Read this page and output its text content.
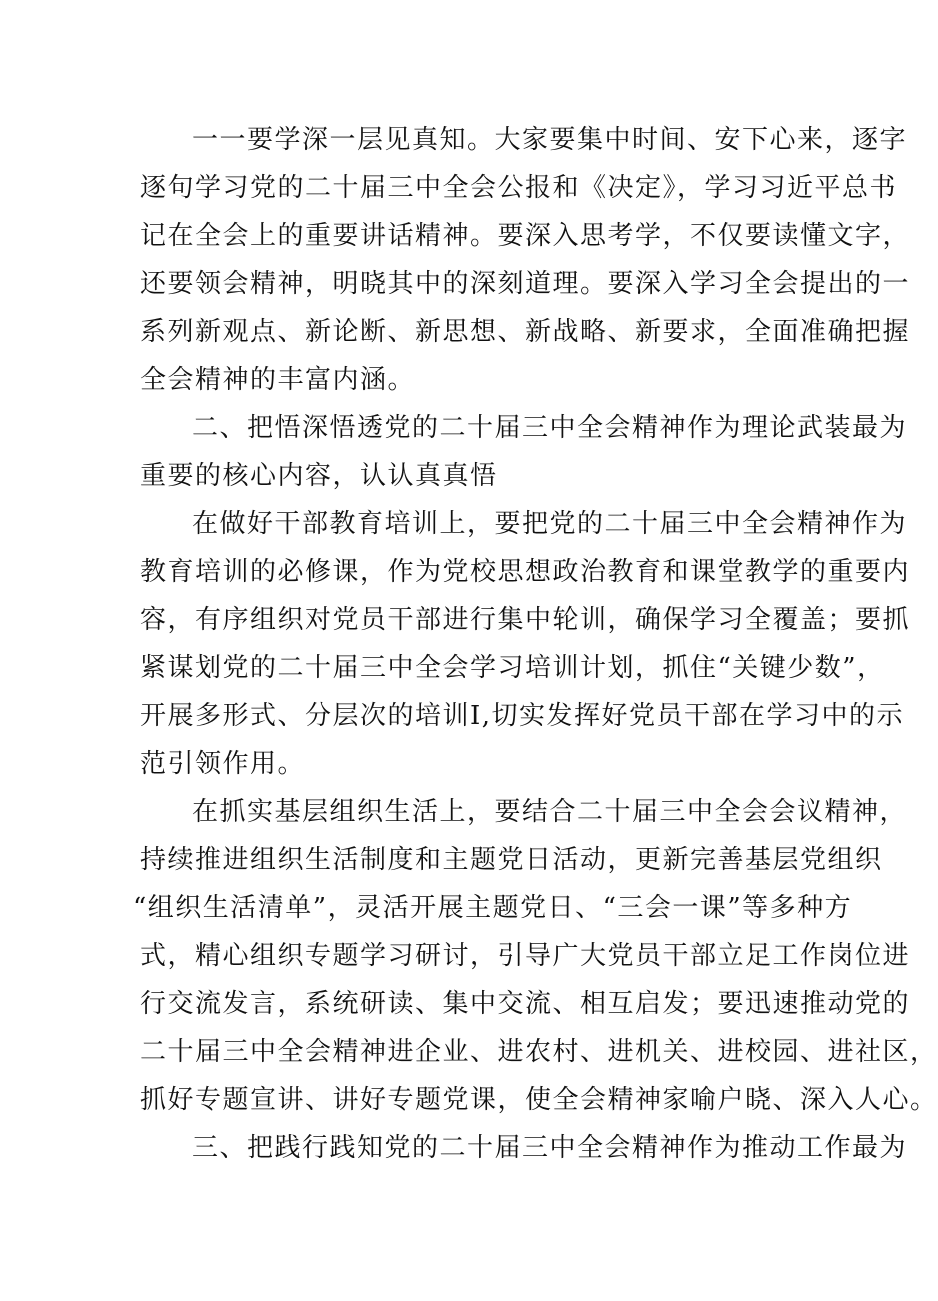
一一要学深一层见真知。大家要集中时间、安下心来，逐字
逐句学习党的二十届三中全会公报和《决定》，学习习近平总书
记在全会上的重要讲话精神。要深入思考学，不仅要读懂文字，
还要领会精神，明晓其中的深刻道理。要深入学习全会提出的一
系列新观点、新论断、新思想、新战略、新要求，全面准确把握
全会精神的丰富内涵。
二、把悟深悟透党的二十届三中全会精神作为理论武装最为
重要的核心内容，认认真真悟
在做好干部教育培训上，要把党的二十届三中全会精神作为
教育培训的必修课，作为党校思想政治教育和课堂教学的重要内
容，有序组织对党员干部进行集中轮训，确保学习全覆盖；要抓
紧谋划党的二十届三中全会学习培训计划，抓住“关键少数”，
开展多形式、分层次的培训I,切实发挥好党员干部在学习中的示
范引领作用。
在抓实基层组织生活上，要结合二十届三中全会会议精神，
持续推进组织生活制度和主题党日活动，更新完善基层党组织
“组织生活清单”，灵活开展主题党日、“三会一课”等多种方
式，精心组织专题学习研讨，引导广大党员干部立足工作岗位进
行交流发言，系统研读、集中交流、相互启发；要迅速推动党的
二十届三中全会精神进企业、进农村、进机关、进校园、进社区，
抓好专题宣讲、讲好专题党课，使全会精神家喻户晓、深入人心。
三、把践行践知党的二十届三中全会精神作为推动工作最为
